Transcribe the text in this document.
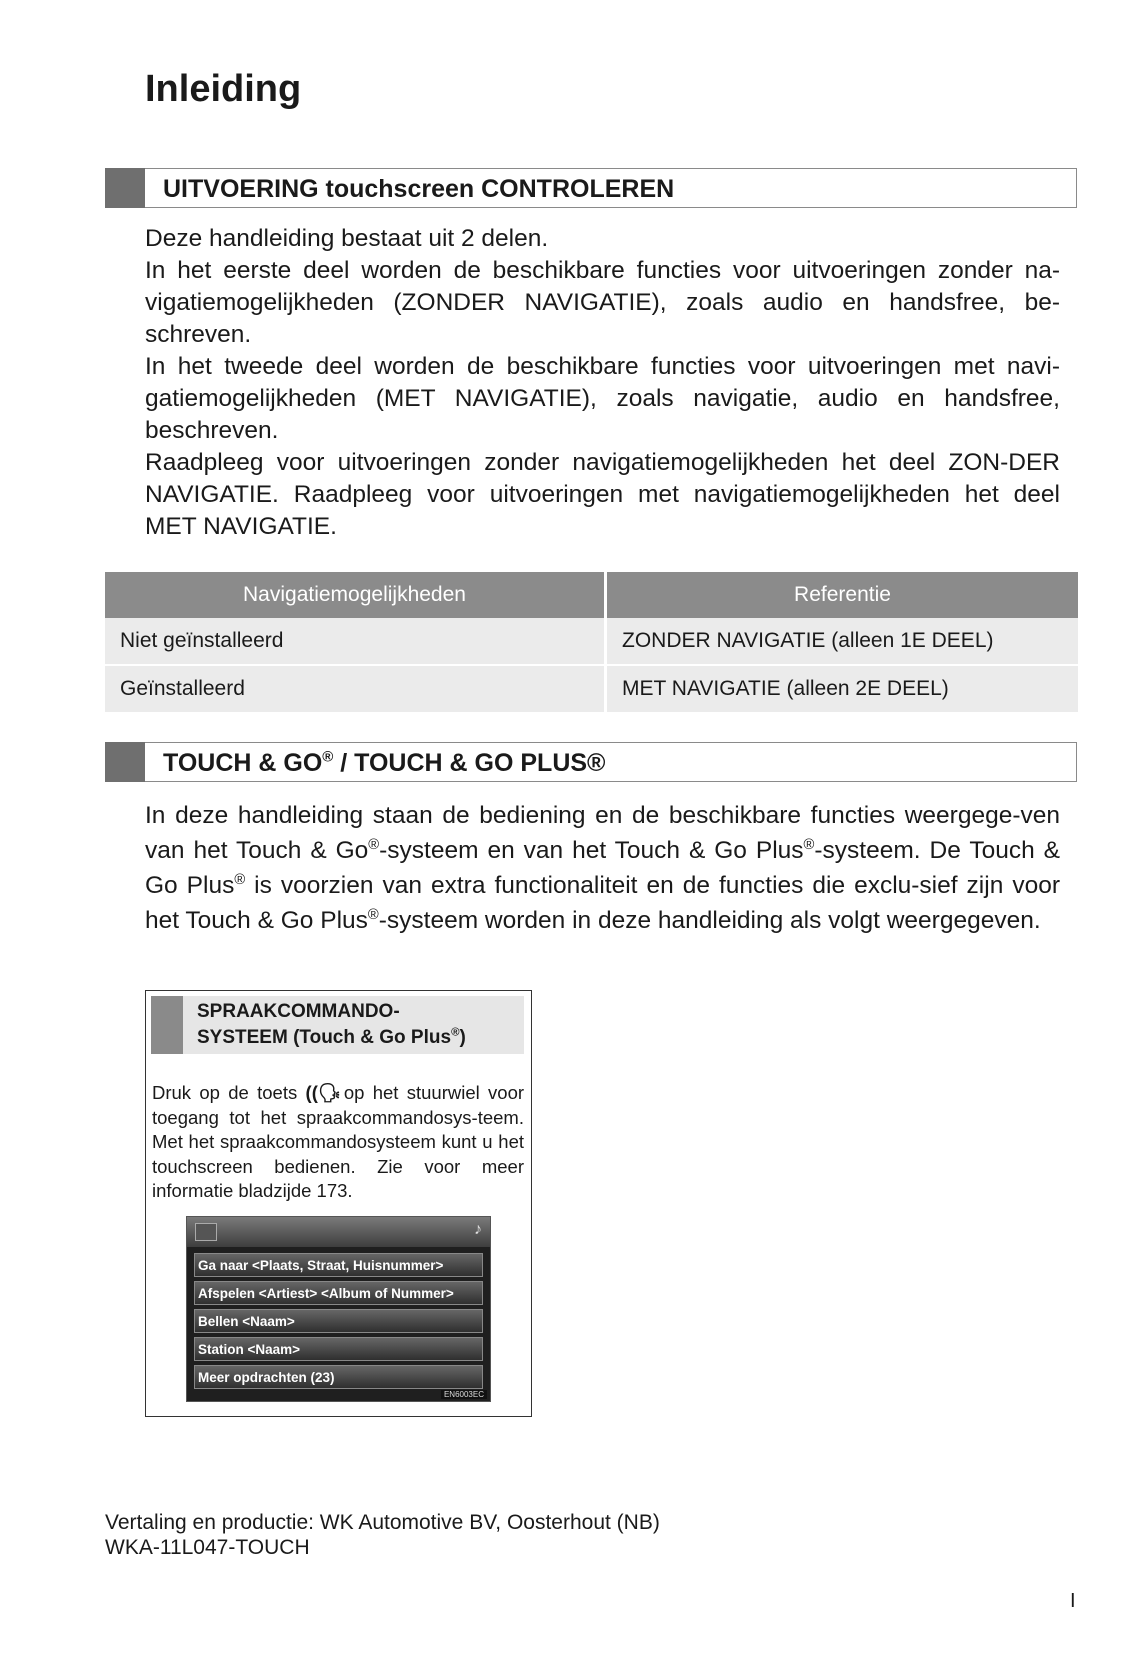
Inleiding
UITVOERING touchscreen CONTROLEREN

Deze handleiding bestaat uit 2 delen.

In het eerste deel worden de beschikbare functies voor uitvoeringen zonder na-vigatiemogelijkheden (ZONDER NAVIGATIE), zoals audio en handsfree, be-schreven.

In het tweede deel worden de beschikbare functies voor uitvoeringen met navi-gatiemogelijkheden (MET NAVIGATIE), zoals navigatie, audio en handsfree, beschreven.

Raadpleeg voor uitvoeringen zonder navigatiemogelijkheden het deel ZON-DER NAVIGATIE. Raadpleeg voor uitvoeringen met navigatiemogelijkheden het deel MET NAVIGATIE.

Navigatiemogelijkheden	Referentie
Niet geïnstalleerd	ZONDER NAVIGATIE (alleen 1E DEEL)
Geïnstalleerd	MET NAVIGATIE (alleen 2E DEEL)
TOUCH & GO® / TOUCH & GO PLUS®

In deze handleiding staan de bediening en de beschikbare functies weergege-ven van het Touch & Go®-systeem en van het Touch & Go Plus®-systeem. De Touch & Go Plus® is voorzien van extra functionaliteit en de functies die exclu-sief zijn voor het Touch & Go Plus®-systeem worden in deze handleiding als volgt weergegeven.

SPRAAKCOMMANDO-
SYSTEEM (Touch & Go Plus®)

Druk op de toets ((🗣 op het stuurwiel voor toegang tot het spraakcommandosys-teem. Met het spraakcommandosysteem kunt u het touchscreen bedienen. Zie voor meer informatie bladzijde 173.

♪
Ga naar <Plaats, Straat, Huisnummer>
Afspelen <Artiest> <Album of Nummer>
Bellen <Naam>
Station <Naam>
Meer opdrachten (23)
EN6003EC
Vertaling en productie: WK Automotive BV, Oosterhout (NB)
WKA-11L047-TOUCH
I
